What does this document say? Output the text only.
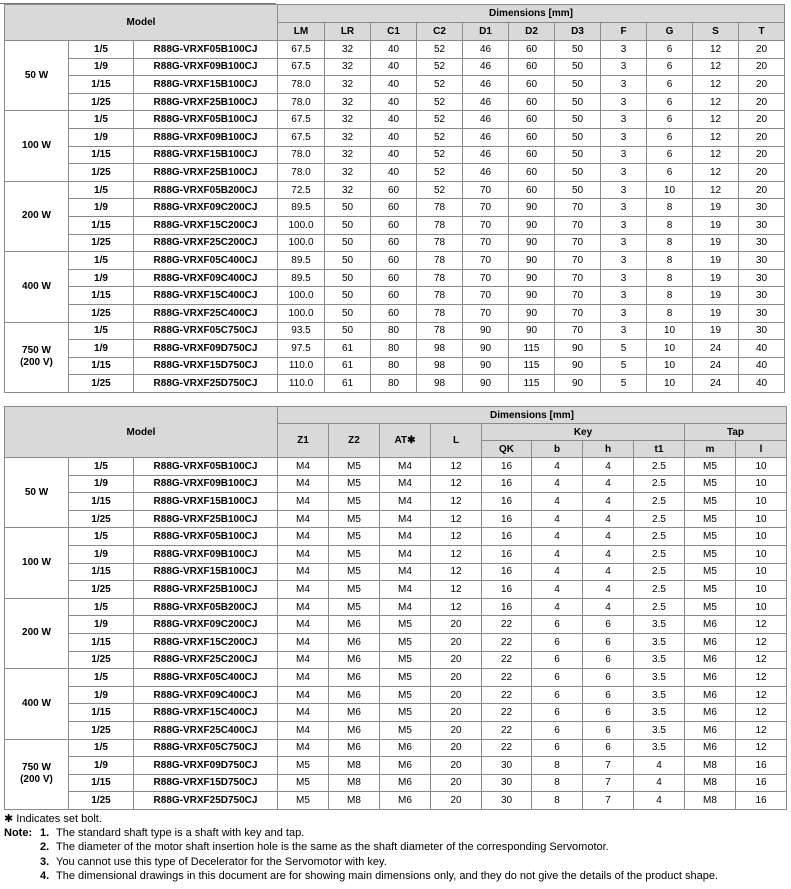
Model			Dimensions [mm]										
			LM	LR	C1	C2	D1	D2	D3	F	G	S	T
50 W	1/5	R88G-VRXF05B100CJ	67.5	32	40	52	46	60	50	3	6	12	20
	1/9	R88G-VRXF09B100CJ	67.5	32	40	52	46	60	50	3	6	12	20
	1/15	R88G-VRXF15B100CJ	78.0	32	40	52	46	60	50	3	6	12	20
	1/25	R88G-VRXF25B100CJ	78.0	32	40	52	46	60	50	3	6	12	20
100 W	1/5	R88G-VRXF05B100CJ	67.5	32	40	52	46	60	50	3	6	12	20
	1/9	R88G-VRXF09B100CJ	67.5	32	40	52	46	60	50	3	6	12	20
	1/15	R88G-VRXF15B100CJ	78.0	32	40	52	46	60	50	3	6	12	20
	1/25	R88G-VRXF25B100CJ	78.0	32	40	52	46	60	50	3	6	12	20
200 W	1/5	R88G-VRXF05B200CJ	72.5	32	60	52	70	60	50	3	10	12	20
	1/9	R88G-VRXF09C200CJ	89.5	50	60	78	70	90	70	3	8	19	30
	1/15	R88G-VRXF15C200CJ	100.0	50	60	78	70	90	70	3	8	19	30
	1/25	R88G-VRXF25C200CJ	100.0	50	60	78	70	90	70	3	8	19	30
400 W	1/5	R88G-VRXF05C400CJ	89.5	50	60	78	70	90	70	3	8	19	30
	1/9	R88G-VRXF09C400CJ	89.5	50	60	78	70	90	70	3	8	19	30
	1/15	R88G-VRXF15C400CJ	100.0	50	60	78	70	90	70	3	8	19	30
	1/25	R88G-VRXF25C400CJ	100.0	50	60	78	70	90	70	3	8	19	30
750 W
(200 V)	1/5	R88G-VRXF05C750CJ	93.5	50	80	78	90	90	70	3	10	19	30
	1/9	R88G-VRXF09D750CJ	97.5	61	80	98	90	115	90	5	10	24	40
	1/15	R88G-VRXF15D750CJ	110.0	61	80	98	90	115	90	5	10	24	40
	1/25	R88G-VRXF25D750CJ	110.0	61	80	98	90	115	90	5	10	24	40
Model			Dimensions [mm]									
			Z1	Z2	AT✱	L	Key				Tap	
							QK	b	h	t1	m	l
50 W	1/5	R88G-VRXF05B100CJ	M4	M5	M4	12	16	4	4	2.5	M5	10
	1/9	R88G-VRXF09B100CJ	M4	M5	M4	12	16	4	4	2.5	M5	10
	1/15	R88G-VRXF15B100CJ	M4	M5	M4	12	16	4	4	2.5	M5	10
	1/25	R88G-VRXF25B100CJ	M4	M5	M4	12	16	4	4	2.5	M5	10
100 W	1/5	R88G-VRXF05B100CJ	M4	M5	M4	12	16	4	4	2.5	M5	10
	1/9	R88G-VRXF09B100CJ	M4	M5	M4	12	16	4	4	2.5	M5	10
	1/15	R88G-VRXF15B100CJ	M4	M5	M4	12	16	4	4	2.5	M5	10
	1/25	R88G-VRXF25B100CJ	M4	M5	M4	12	16	4	4	2.5	M5	10
200 W	1/5	R88G-VRXF05B200CJ	M4	M5	M4	12	16	4	4	2.5	M5	10
	1/9	R88G-VRXF09C200CJ	M4	M6	M5	20	22	6	6	3.5	M6	12
	1/15	R88G-VRXF15C200CJ	M4	M6	M5	20	22	6	6	3.5	M6	12
	1/25	R88G-VRXF25C200CJ	M4	M6	M5	20	22	6	6	3.5	M6	12
400 W	1/5	R88G-VRXF05C400CJ	M4	M6	M5	20	22	6	6	3.5	M6	12
	1/9	R88G-VRXF09C400CJ	M4	M6	M5	20	22	6	6	3.5	M6	12
	1/15	R88G-VRXF15C400CJ	M4	M6	M5	20	22	6	6	3.5	M6	12
	1/25	R88G-VRXF25C400CJ	M4	M6	M5	20	22	6	6	3.5	M6	12
750 W
(200 V)	1/5	R88G-VRXF05C750CJ	M4	M6	M6	20	22	6	6	3.5	M6	12
	1/9	R88G-VRXF09D750CJ	M5	M8	M6	20	30	8	7	4	M8	16
	1/15	R88G-VRXF15D750CJ	M5	M8	M6	20	30	8	7	4	M8	16
	1/25	R88G-VRXF25D750CJ	M5	M8	M6	20	30	8	7	4	M8	16
✱ Indicates set bolt.
Note: 1. The standard shaft type is a shaft with key and tap.
2. The diameter of the motor shaft insertion hole is the same as the shaft diameter of the corresponding Servomotor.
3. You cannot use this type of Decelerator for the Servomotor with key.
4. The dimensional drawings in this document are for showing main dimensions only, and they do not give the details of the product shape.
